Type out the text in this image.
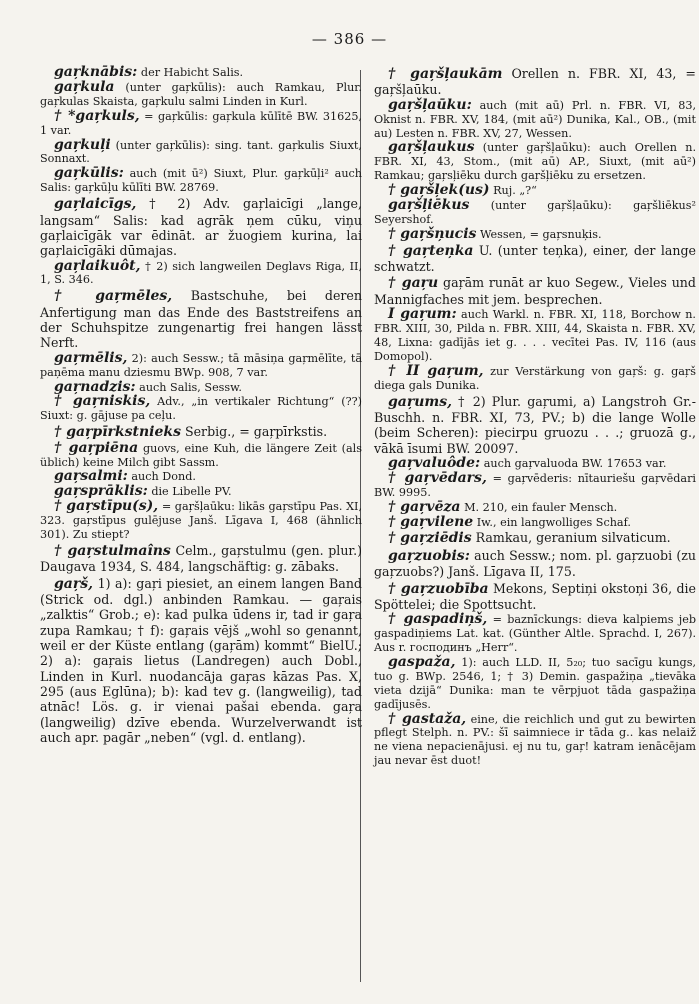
— 386 —

gaŗknābis: der Habicht Salis.

gaŗkula (unter gaŗkūlis): auch Ramkau, Plur. gaŗkulas Skaista, gaŗkulu salmi Linden in Kurl.

† *gaŗkuls, = gaŗkūlis: gaŗkula kūlītē BW. 31625, 1 var.

gaŗkuļi (unter gaŗkūlis): sing. tant. gaŗkulis Siuxt, Sonnaxt.

gaŗkūlis: auch (mit ū²) Siuxt, Plur. gaŗkūļi² auch Salis: gaŗkūļu kūlīti BW. 28769.

gaŗlaicīgs, † 2) Adv. gaŗlaicīgi „lange, langsam“ Salis: kad agrāk ņem cūku, viņu gaŗlaicīgāk var ēdināt. ar žuogiem kurina, lai gaŗlaicīgāki dūmajas.

gaŗlaikuôt, † 2) sich langweilen Deglavs Riga, II, 1, S. 346.

† gaŗmēles, Bastschuhe, bei deren Anfertigung man das Ende des Baststreifens an der Schuhspitze zungenartig frei hangen lässt Nerft.

gaŗmēlis, 2): auch Sessw.; tā māsiņa gaŗmēlīte, tā paņēma manu dziesmu BWp. 908, 7 var.

gaŗnadzis: auch Salis, Sessw.

† gaŗniskis, Adv., „in vertikaler Richtung“ (??) Siuxt: g. gājuse pa ceļu.

† gaŗpīrkstnieks Serbig., = gaŗpīrkstis.

† gaŗpiēna guovs, eine Kuh, die längere Zeit (als üblich) keine Milch gibt Sassm.

gaŗsalmi: auch Dond.

gaŗsprāklis: die Libelle PV.

† gaŗstīpu(s), = gaŗšļaūku: likās gaŗstīpu Pas. XI, 323. gaŗstīpus gulējuse Janš. Līgava I, 468 (ähnlich 301). Zu stiept?

† gaŗstulmaîns Celm., gaŗstulmu (gen. plur.) Daugava 1934, S. 484, langschäftig: g. zābaks.

gaŗš, 1) a): gaŗi piesiet, an einem langen Band (Strick od. dgl.) anbinden Ramkau. — gaŗais „zalktis“ Grob.; e): kad pulka ūdens ir, tad ir gaŗa zupa Ramkau; † f): gaŗais vējš „wohl so genannt, weil er der Küste entlang (gaŗām) kommt“ BielU.; 2) a): gaŗais lietus (Landregen) auch Dobl., Linden in Kurl. nuodancāja gaŗas kāzas Pas. X, 295 (aus Eglūna); b): kad tev g. (langweilig), tad atnāc! Lös. g. ir vienai pašai ebenda. gaŗa (langweilig) dzīve ebenda. Wurzelverwandt ist auch apr. pagār „neben“ (vgl. d. entlang).

† gaŗšļaukām Orellen n. FBR. XI, 43, = gaŗšļaūku.

gaŗšļaūku: auch (mit aū) Prl. n. FBR. VI, 83, Oknist n. FBR. XV, 184, (mit aū²) Dunika, Kal., OB., (mit au) Lesten n. FBR. XV, 27, Wessen.

gaŗšļaukus (unter gaŗšļaūku): auch Orellen n. FBR. XI, 43, Stom., (mit aū) AP., Siuxt, (mit aū²) Ramkau; gaŗsļiēku durch gaŗšļiēku zu ersetzen.

† gaŗšļek(us) Ruj. „?“

gaŗšļiēkus (unter gaŗšļaūku): gaŗšliēkus² Seyershof.

† gaŗšņucis Wessen, = gaŗsnuķis.

† gaŗteņka U. (unter teņka), einer, der lange schwatzt.

† gaŗu gaŗām runāt ar kuo Segew., Vieles und Mannigfaches mit jem. besprechen.

I gaŗum: auch Warkl. n. FBR. XI, 118, Borchow n. FBR. XIII, 30, Pilda n. FBR. XIII, 44, Skaista n. FBR. XV, 48, Lixna: gadījās iet g. . . . vecītei Pas. IV, 116 (aus Domopol).

† II gaŗum, zur Verstärkung von gaŗš: g. gaŗš diega gals Dunika.

gaŗums, † 2) Plur. gaŗumi, a) Langstroh Gr.-Buschh. n. FBR. XI, 73, PV.; b) die lange Wolle (beim Scheren): piecirpu gruozu . . .; gruozā g., vākā īsumi BW. 20097.

gaŗvaluôde: auch gaŗvaluoda BW. 17653 var.

† gaŗvēdars, = gaŗvēderis: nītauriešu gaŗvēdari BW. 9995.

† gaŗvēza M. 210, ein fauler Mensch.

† gaŗvilene Iw., ein langwolliges Schaf.

† gaŗziēdis Ramkau, geranium silvaticum.

gaŗzuobis: auch Sessw.; nom. pl. gaŗzuobi (zu gaŗzuobs?) Janš. Līgava II, 175.

† gaŗzuobība Mekons, Septiņi okstoņi 36, die Spöttelei; die Spottsucht.

† gaspadiņš, = baznīckungs: dieva kalpiems jeb gaspadiņiems Lat. kat. (Günther Altle. Sprachd. I, 267). Aus r. господинъ „Herr“.

gaspaža, 1): auch LLD. II, 5₂₀; tuo sacīgu kungs, tuo g. BWp. 2546, 1; † 3) Demin. gaspažiņa „tievāka vieta dzijā“ Dunika: man te vērpjuot tāda gaspažiņa gadījusēs.

† gastaža, eine, die reichlich und gut zu bewirten pflegt Stelph. n. PV.: šī saimniece ir tāda g.. kas nelaiž ne viena nepacienājusi. ej nu tu, gaŗ! katram ienācējam jau nevar ēst duot!
